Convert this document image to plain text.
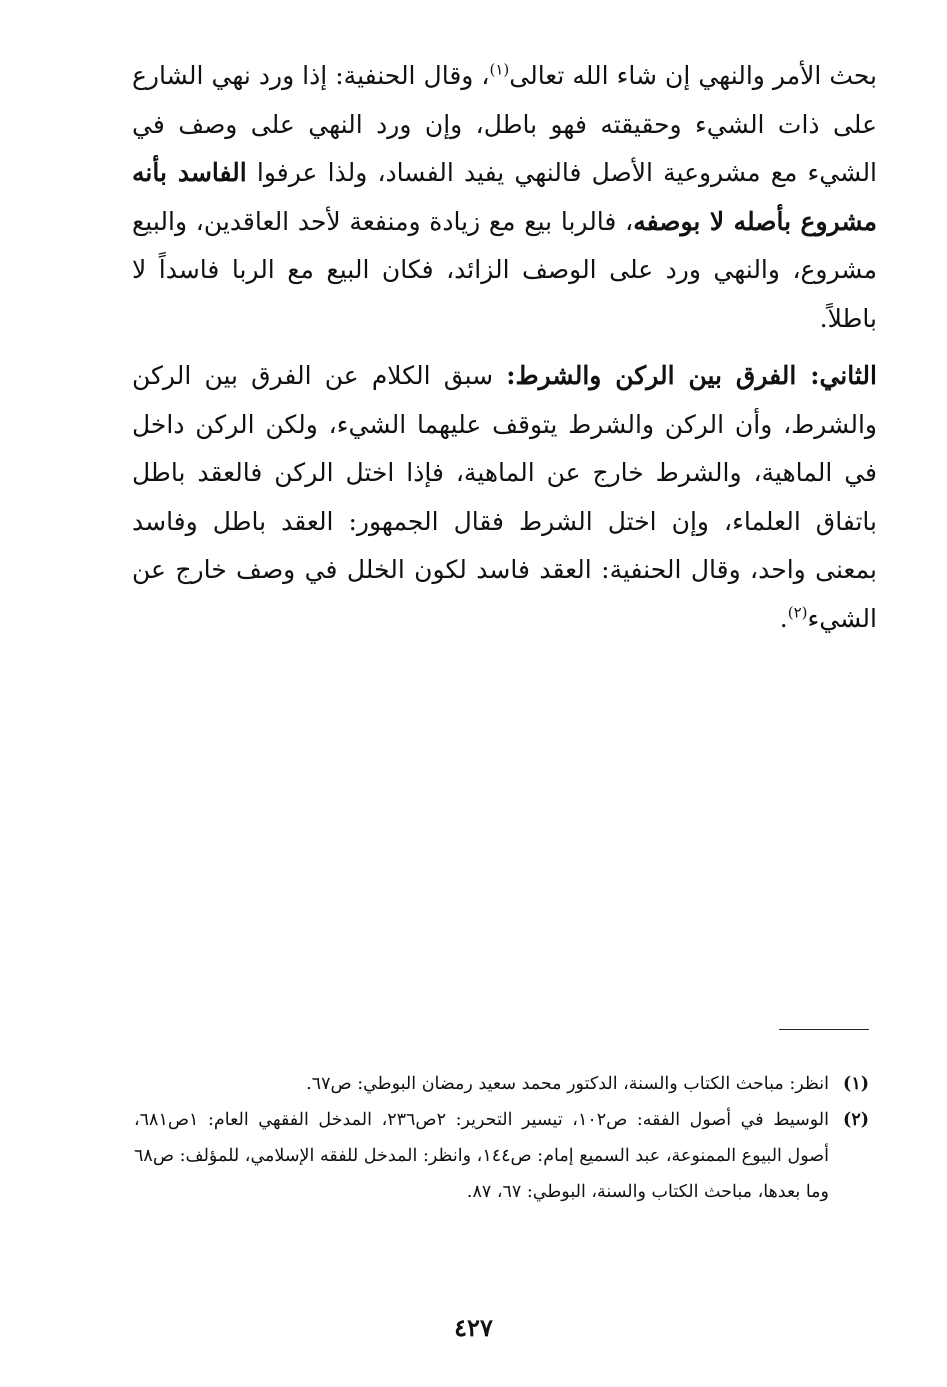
بحث الأمر والنهي إن شاء الله تعالى$^{(١)}$، وقال الحنفية: إذا ورد نهي الشارع على ذات الشيء وحقيقته فهو باطل، وإن ورد النهي على وصف في الشيء مع مشروعية الأصل فالنهي يفيد الفساد، ولذا عرفوا الفاسد بأنه مشروع بأصله لا بوصفه، فالربا بيع مع زيادة ومنفعة لأحد العاقدين، والبيع مشروع، والنهي ورد على الوصف الزائد، فكان البيع مع الربا فاسداً لا باطلاً.

الثاني: الفرق بين الركن والشرط: سبق الكلام عن الفرق بين الركن والشرط، وأن الركن والشرط يتوقف عليهما الشيء، ولكن الركن داخل في الماهية، والشرط خارج عن الماهية، فإذا اختل الركن فالعقد باطل باتفاق العلماء، وإن اختل الشرط فقال الجمهور: العقد باطل وفاسد بمعنى واحد، وقال الحنفية: العقد فاسد لكون الخلل في وصف خارج عن الشيء$^{(٢)}$.

(١)
انظر: مباحث الكتاب والسنة، الدكتور محمد سعيد رمضان البوطي: ص٦٧.
(٢)
الوسيط في أصول الفقه: ص١٠٢، تيسير التحرير: ٢ص٢٣٦، المدخل الفقهي العام: ١ص٦٨١، أصول البيوع الممنوعة، عبد السميع إمام: ص١٤٤، وانظر: المدخل للفقه الإسلامي، للمؤلف: ص٦٨ وما بعدها، مباحث الكتاب والسنة، البوطي: ٦٧، ٨٧.
٤٢٧
